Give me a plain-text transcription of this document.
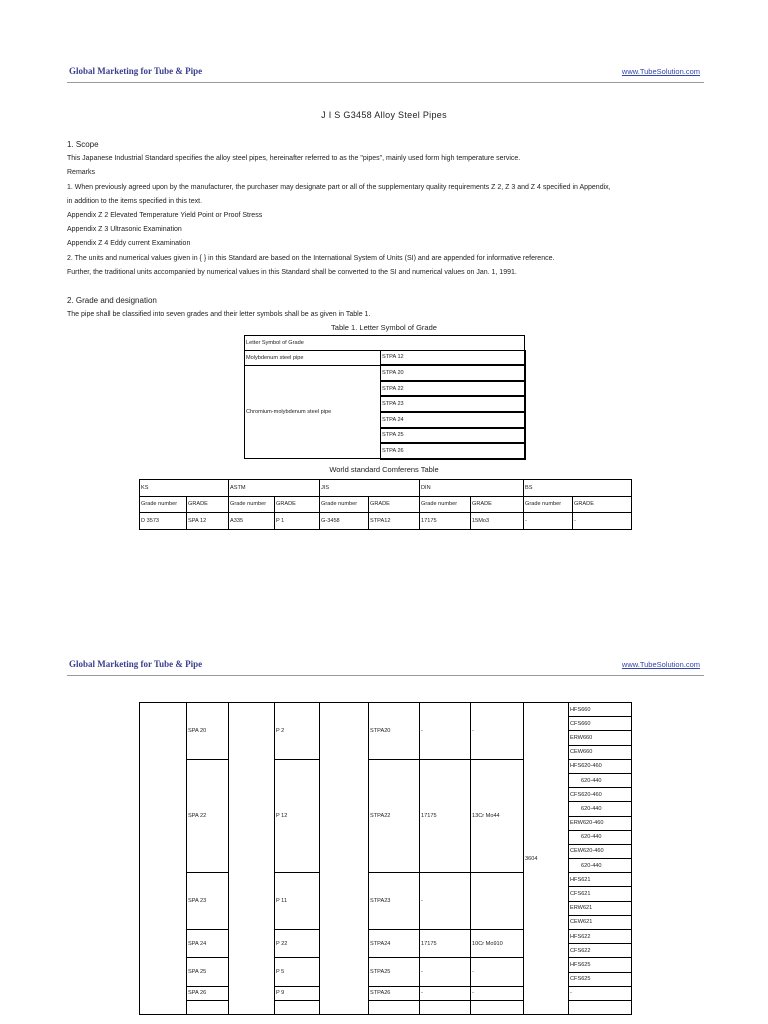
Global Marketing for Tube & Pipe	www.TubeSolution.com
J I S G3458 Alloy Steel Pipes

1. Scope

This Japanese Industrial Standard specifies the alloy steel pipes, hereinafter referred to as the "pipes", mainly used form high temperature service.

Remarks

1. When previously agreed upon by the manufacturer, the purchaser may designate part or all of the supplementary quality requirements Z 2, Z 3 and Z 4 specified in Appendix,

in addition to the items specified in this text.

Appendix Z 2 Elevated Temperature Yield Point or Proof Stress

Appendix Z 3 Ultrasonic Examination

Appendix Z 4 Eddy current Examination

2. The units and numerical values given in { } in this Standard are based on the International System of Units (SI) and are appended for informative reference.

Further, the traditional units accompanied by numerical values in this Standard shall be converted to the SI and numerical values on Jan. 1, 1991.

2. Grade and designation

The pipe shall be classified into seven grades and their letter symbols shall be as given in Table 1.

Table 1. Letter Symbol of Grade
Letter Symbol of Grade	
Molybdenum steel pipe	STPA 12
Chromium-molybdenum steel pipe	STPA 20
	STPA 22
	STPA 23
	STPA 24
	STPA 25
	STPA 26
World standard Comferens Table
KS		ASTM		JIS		DIN		BS	
Grade number	GRADE	Grade number	GRADE	Grade number	GRADE	Grade number	GRADE	Grade number	GRADE
D 3573	SPA 12	A335	P 1	G-3458	STPA12	17175	15Mo3	-	-
Global Marketing for Tube & Pipe	www.TubeSolution.com
	SPA 20		P 2		STPA20	-	-	3604	HFS660	
									CFS660	
									ERW660	
									CEW660	
	SPA 22		P 12		STPA22	17175	13Cr Mo44		HFS620-460	
									620-440	
									CFS620-460	
									620-440	
									ERW620-460	
									620-440	
									CEW620-460	
									620-440	
	SPA 23		P 11		STPA23	-			HFS621	
									CFS621	
									ERW621	
									CEW621	
	SPA 24		P 22		STPA24	17175	10Cr Mo910		HFS622	
									CFS622	
	SPA 25		P 5		STPA25	-	-		HFS625	
									CFS625	
	SPA 26		P 9		STPA26	-	-		-	
